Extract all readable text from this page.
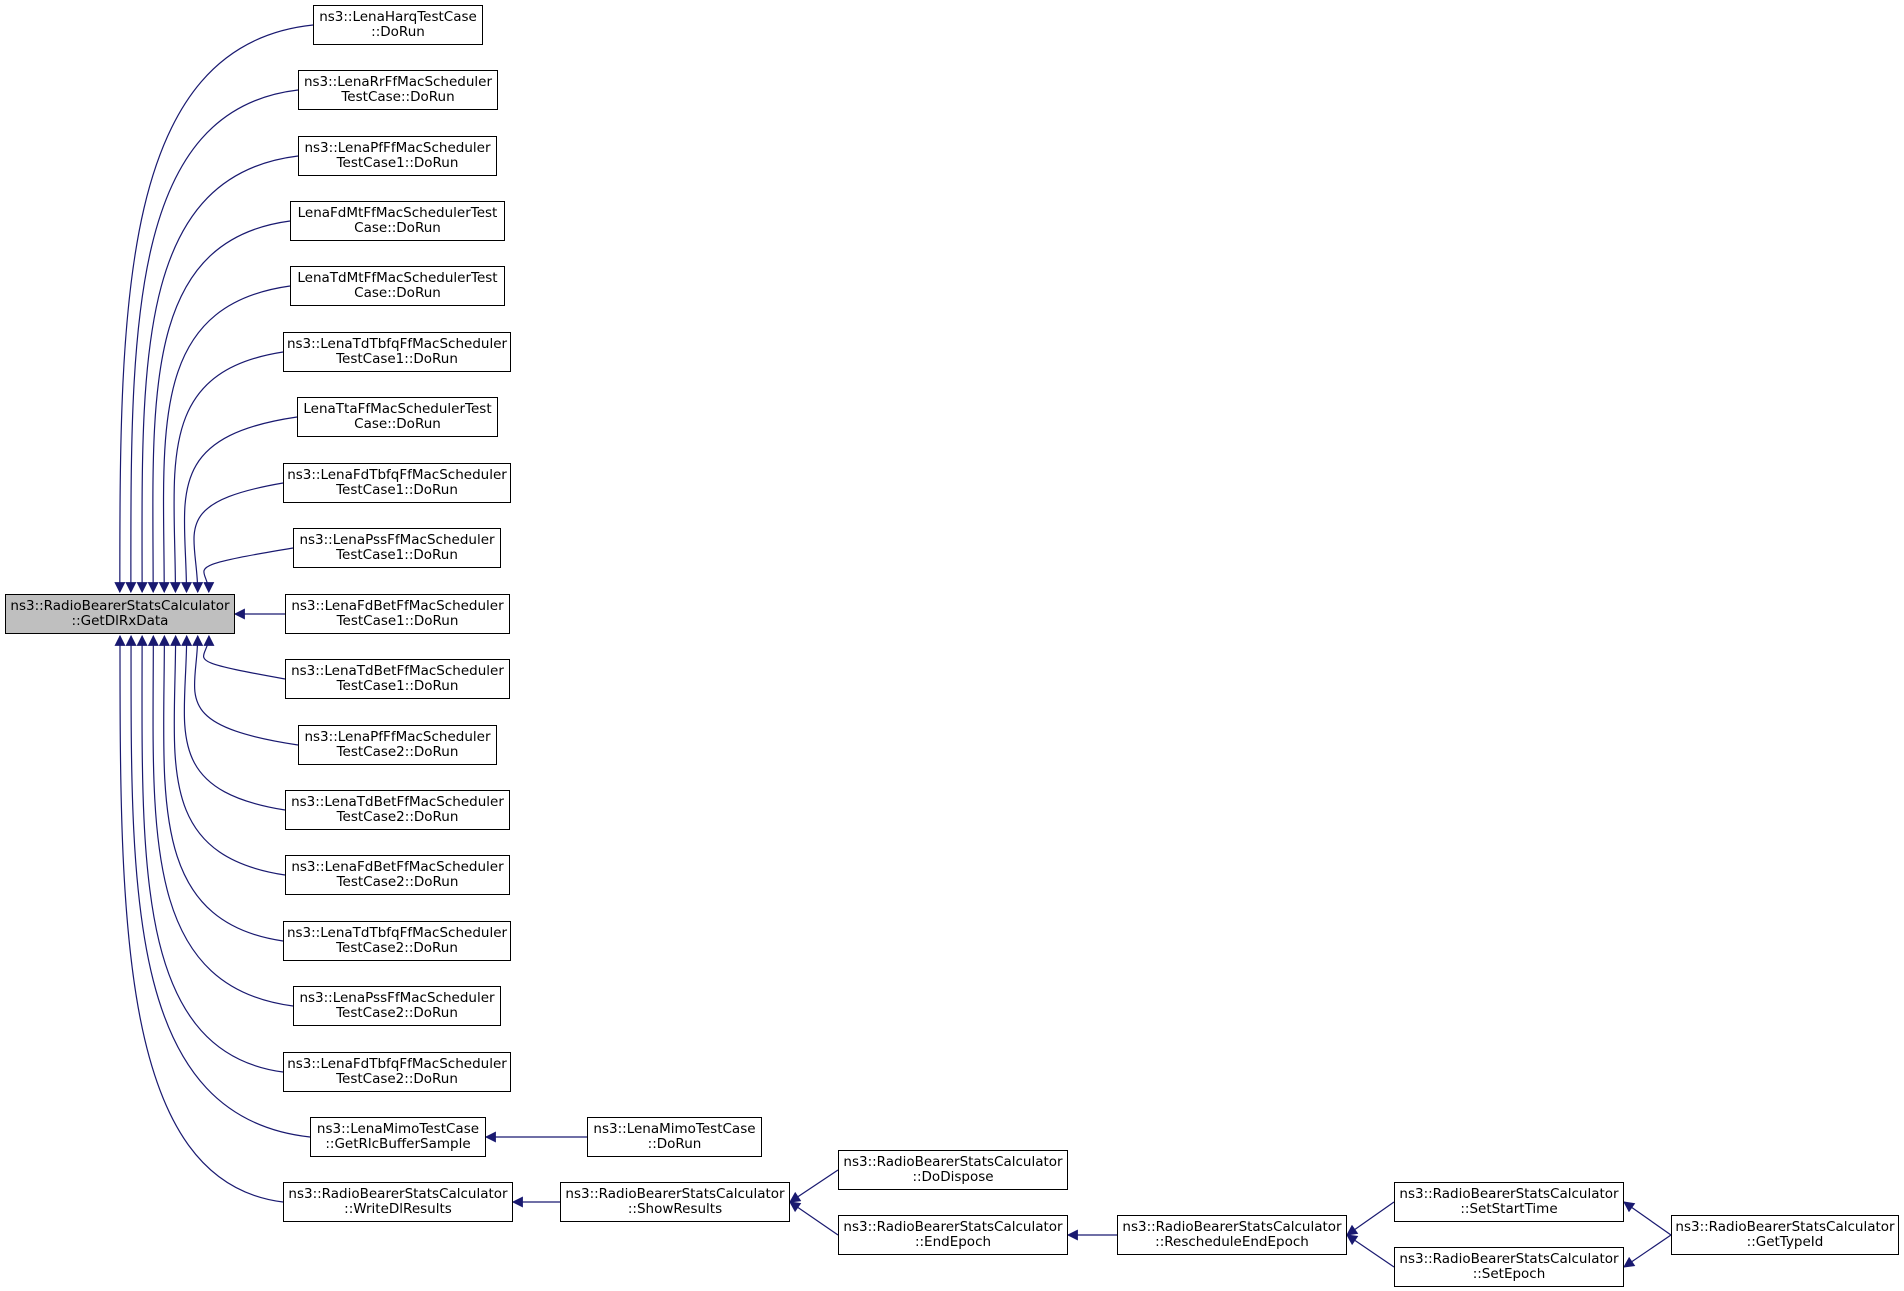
ns3::RadioBearerStatsCalculator
::GetDlRxData
ns3::LenaHarqTestCase
::DoRun
ns3::LenaRrFfMacScheduler
TestCase::DoRun
ns3::LenaPfFfMacScheduler
TestCase1::DoRun
LenaFdMtFfMacSchedulerTest
Case::DoRun
LenaTdMtFfMacSchedulerTest
Case::DoRun
ns3::LenaTdTbfqFfMacScheduler
TestCase1::DoRun
LenaTtaFfMacSchedulerTest
Case::DoRun
ns3::LenaFdTbfqFfMacScheduler
TestCase1::DoRun
ns3::LenaPssFfMacScheduler
TestCase1::DoRun
ns3::LenaFdBetFfMacScheduler
TestCase1::DoRun
ns3::LenaTdBetFfMacScheduler
TestCase1::DoRun
ns3::LenaPfFfMacScheduler
TestCase2::DoRun
ns3::LenaTdBetFfMacScheduler
TestCase2::DoRun
ns3::LenaFdBetFfMacScheduler
TestCase2::DoRun
ns3::LenaTdTbfqFfMacScheduler
TestCase2::DoRun
ns3::LenaPssFfMacScheduler
TestCase2::DoRun
ns3::LenaFdTbfqFfMacScheduler
TestCase2::DoRun
ns3::LenaMimoTestCase
::GetRlcBufferSample
ns3::LenaMimoTestCase
::DoRun
ns3::RadioBearerStatsCalculator
::WriteDlResults
ns3::RadioBearerStatsCalculator
::ShowResults
ns3::RadioBearerStatsCalculator
::DoDispose
ns3::RadioBearerStatsCalculator
::EndEpoch
ns3::RadioBearerStatsCalculator
::RescheduleEndEpoch
ns3::RadioBearerStatsCalculator
::SetStartTime
ns3::RadioBearerStatsCalculator
::SetEpoch
ns3::RadioBearerStatsCalculator
::GetTypeId
